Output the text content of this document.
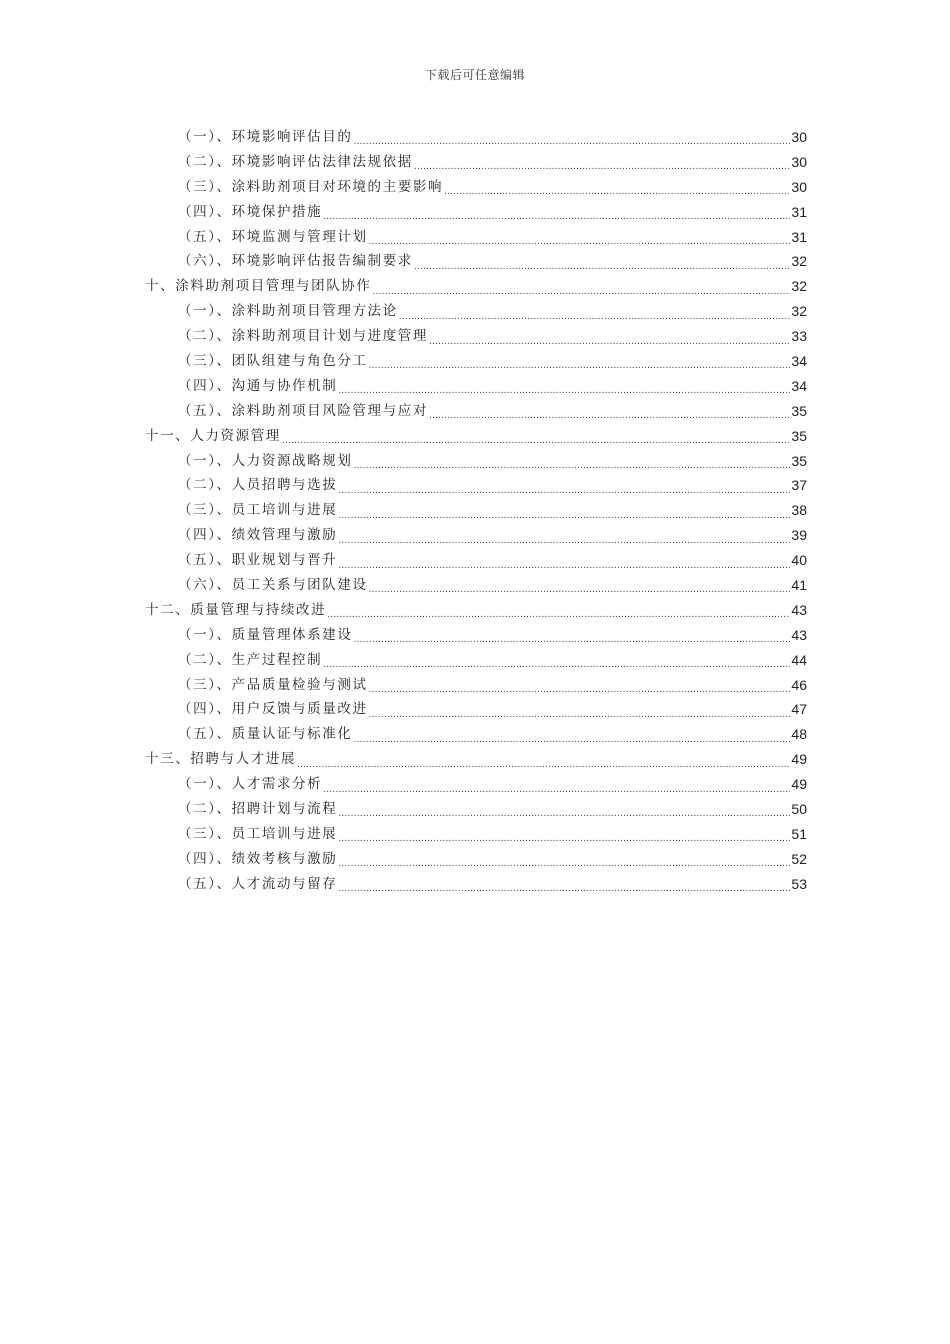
下载后可任意编辑
（一）、环境影响评估目的 .....	30
（二）、环境影响评估法律法规依据 .....	30
（三）、涂料助剂项目对环境的主要影响 .....	30
（四）、环境保护措施 .....	31
（五）、环境监测与管理计划 .....	31
（六）、环境影响评估报告编制要求 .....	32
十、涂料助剂项目管理与团队协作 .....	32
（一）、涂料助剂项目管理方法论 .....	32
（二）、涂料助剂项目计划与进度管理 .....	33
（三）、团队组建与角色分工 .....	34
（四）、沟通与协作机制 .....	34
（五）、涂料助剂项目风险管理与应对 .....	35
十一、人力资源管理 .....	35
（一）、人力资源战略规划 .....	35
（二）、人员招聘与选拔 .....	37
（三）、员工培训与进展 .....	38
（四）、绩效管理与激励 .....	39
（五）、职业规划与晋升 .....	40
（六）、员工关系与团队建设 .....	41
十二、质量管理与持续改进 .....	43
（一）、质量管理体系建设 .....	43
（二）、生产过程控制 .....	44
（三）、产品质量检验与测试 .....	46
（四）、用户反馈与质量改进 .....	47
（五）、质量认证与标准化 .....	48
十三、招聘与人才进展 .....	49
（一）、人才需求分析 .....	49
（二）、招聘计划与流程 .....	50
（三）、员工培训与进展 .....	51
（四）、绩效考核与激励 .....	52
（五）、人才流动与留存 .....	53
